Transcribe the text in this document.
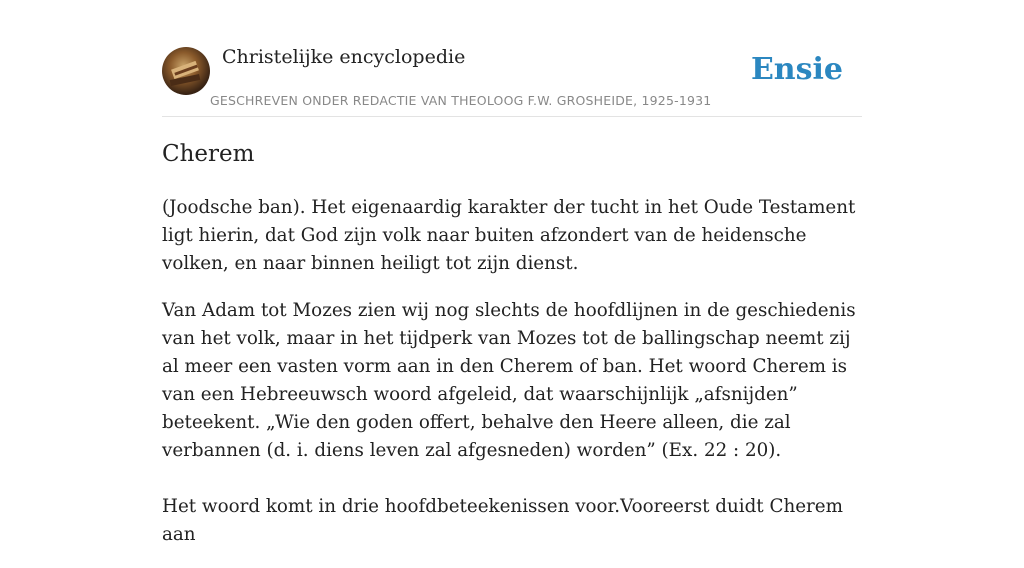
Christelijke encyclopedie
GESCHREVEN ONDER REDACTIE VAN THEOLOOG F.W. GROSHEIDE, 1925-1931
Ensie
Cherem

(Joodsche ban). Het eigenaardig karakter der tucht in het Oude Testament ligt hierin, dat God zijn volk naar buiten afzondert van de heidensche volken, en naar binnen heiligt tot zijn dienst.

Van Adam tot Mozes zien wij nog slechts de hoofdlijnen in de geschiedenis van het volk, maar in het tijdperk van Mozes tot de ballingschap neemt zij al meer een vasten vorm aan in den Cherem of ban. Het woord Cherem is van een Hebreeuwsch woord afgeleid, dat waarschijnlijk „afsnijden” beteekent. „Wie den goden offert, behalve den Heere alleen, die zal verbannen (d. i. diens leven zal afgesneden) worden” (Ex. 22 : 20).

Het woord komt in drie hoofdbeteekenissen voor.Vooreerst duidt Cherem aan
